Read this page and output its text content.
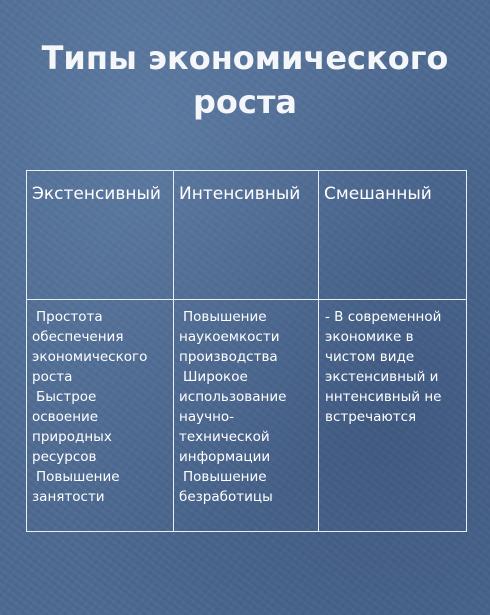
Типы экономического
роста
Экстенсивный	Интенсивный	Смешанный
Простота
обеспечения
экономического
роста
Быстрое
освоение
природных
ресурсов
Повышение
занятости
Повышение
наукоемкости
производства
Широкое
использование
научно-
технической
информации
Повышение
безработицы
- В современной
экономике в
чистом виде
экстенсивный и
ннтенсивный не
встречаются
